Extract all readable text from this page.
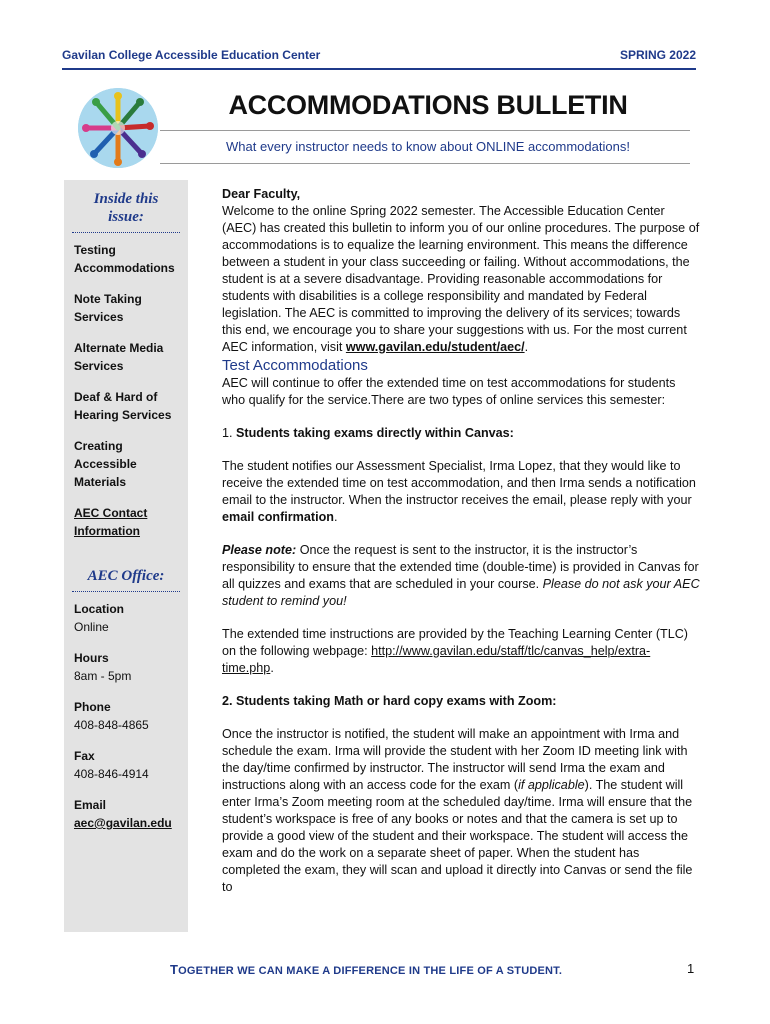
Gavilan College Accessible Education Center	SPRING 2022
ACCOMMODATIONS BULLETIN
What every instructor needs to know about ONLINE accommodations!
Inside this
issue:
Testing
Accommodations
Note Taking
Services
Alternate Media
Services
Deaf & Hard of
Hearing Services
Creating
Accessible
Materials
AEC Contact
Information
AEC Office:
Location
Online
Hours
8am - 5pm
Phone
408-848-4865
Fax
408-846-4914
Email
aec@gavilan.edu

Dear Faculty,

Welcome to the online Spring 2022 semester. The Accessible Education Center (AEC) has created this bulletin to inform you of our online procedures. The purpose of accommodations is to equalize the learning environment. This means the difference between a student in your class succeeding or failing. Without accommodations, the student is at a severe disadvantage. Providing reasonable accommodations for students with disabilities is a college responsibility and mandated by Federal legislation. The AEC is committed to improving the delivery of its services; towards this end, we encourage you to share your suggestions with us. For the most current AEC information, visit www.gavilan.edu/student/aec/.

Test Accommodations

AEC will continue to offer the extended time on test accommodations for students who qualify for the service.There are two types of online services this semester:

1. Students taking exams directly within Canvas:

The student notifies our Assessment Specialist, Irma Lopez, that they would like to receive the extended time on test accommodation, and then Irma sends a notification email to the instructor. When the instructor receives the email, please reply with your email confirmation.

Please note: Once the request is sent to the instructor, it is the instructor’s responsibility to ensure that the extended time (double-time) is provided in Canvas for all quizzes and exams that are scheduled in your course. Please do not ask your AEC student to remind you!

The extended time instructions are provided by the Teaching Learning Center (TLC) on the following webpage: http://www.gavilan.edu/staff/tlc/canvas_help/extra-time.php.

2. Students taking Math or hard copy exams with Zoom:

Once the instructor is notified, the student will make an appointment with Irma and schedule the exam. Irma will provide the student with her Zoom ID meeting link with the day/time confirmed by instructor. The instructor will send Irma the exam and instructions along with an access code for the exam (if applicable). The student will enter Irma’s Zoom meeting room at the scheduled day/time. Irma will ensure that the student’s workspace is free of any books or notes and that the camera is set up to provide a good view of the student and their workspace. The student will access the exam and do the work on a separate sheet of paper. When the student has completed the exam, they will scan and upload it directly into Canvas or send the file to

TOGETHER WE CAN MAKE A DIFFERENCE IN THE LIFE OF A STUDENT.	1
